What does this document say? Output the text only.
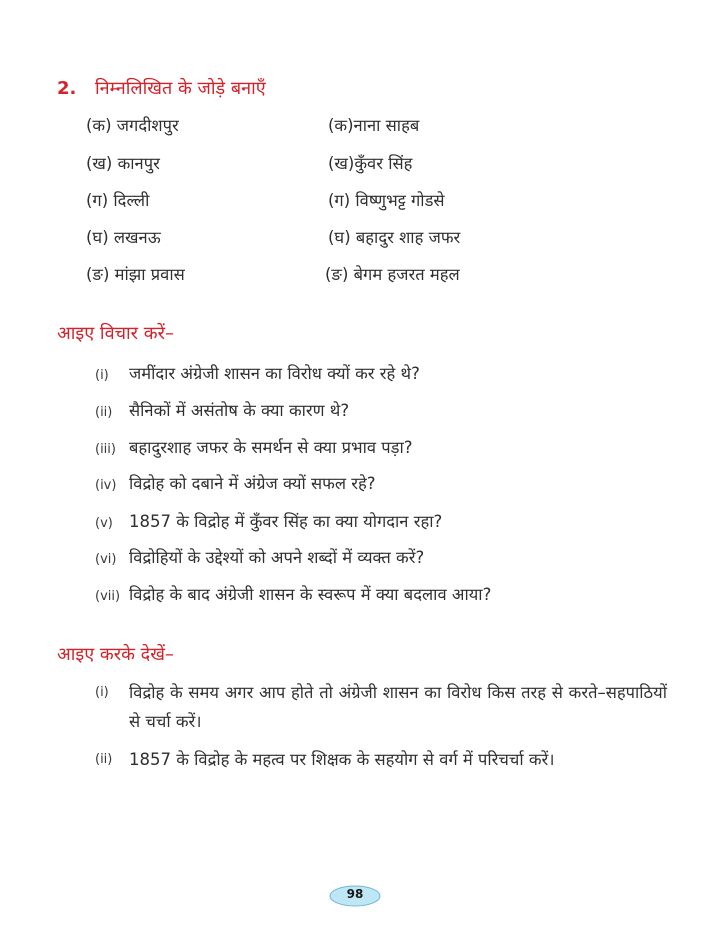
2. निम्नलिखित के जोड़े बनाएँ
(क) जगदीशपुर
(ख) कानपुर
(ग) दिल्ली
(घ) लखनऊ
(ङ) मांझा प्रवास
(क)नाना साहब
(ख)कुँवर सिंह
(ग) विष्णुभट्ट गोडसे
(घ) बहादुर शाह जफर
(ङ) बेगम हजरत महल
आइए विचार करें–
(i) जमींदार अंग्रेजी शासन का विरोध क्यों कर रहे थे?
(ii) सैनिकों में असंतोष के क्या कारण थे?
(iii) बहादुरशाह जफर के समर्थन से क्या प्रभाव पड़ा?
(iv) विद्रोह को दबाने में अंग्रेज क्यों सफल रहे?
(v) 1857 के विद्रोह में कुँवर सिंह का क्या योगदान रहा?
(vi) विद्रोहियों के उद्देश्यों को अपने शब्दों में व्यक्त करें?
(vii) विद्रोह के बाद अंग्रेजी शासन के स्वरूप में क्या बदलाव आया?
आइए करके देखें–
(i) विद्रोह के समय अगर आप होते तो अंग्रेजी शासन का विरोध किस तरह से करते–सहपाठियों से चर्चा करें।
(ii) 1857 के विद्रोह के महत्व पर शिक्षक के सहयोग से वर्ग में परिचर्चा करें।
98
